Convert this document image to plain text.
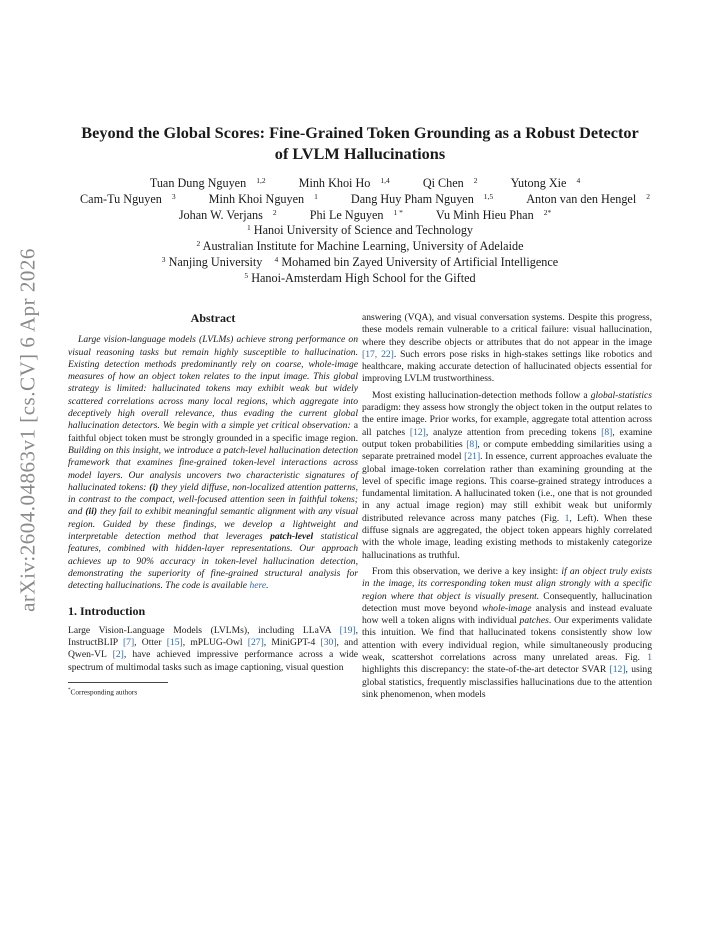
arXiv:2604.04863v1 [cs.CV] 6 Apr 2026
Beyond the Global Scores: Fine-Grained Token Grounding as a Robust Detector
of LVLM Hallucinations
Tuan Dung Nguyen $^{1,2}$	Minh Khoi Ho $^{1,4}$	Qi Chen $^2$	Yutong Xie $^4$
Cam-Tu Nguyen $^3$	Minh Khoi Nguyen $^1$	Dang Huy Pham Nguyen $^{1,5}$	Anton van den Hengel $^2$
Johan W. Verjans $^2$	Phi Le Nguyen $^{1 *}$	Vu Minh Hieu Phan $^{2*}$
$^1$ Hanoi University of Science and Technology
$^2$ Australian Institute for Machine Learning, University of Adelaide
$^3$ Nanjing University $^4$ Mohamed bin Zayed University of Artificial Intelligence
$^5$ Hanoi-Amsterdam High School for the Gifted
Abstract

Large vision-language models (LVLMs) achieve strong performance on visual reasoning tasks but remain highly susceptible to hallucination. Existing detection methods predominantly rely on coarse, whole-image measures of how an object token relates to the input image. This global strategy is limited: hallucinated tokens may exhibit weak but widely scattered correlations across many local regions, which aggregate into deceptively high overall relevance, thus evading the current global hallucination detectors. We begin with a simple yet critical observation: a faithful object token must be strongly grounded in a specific image region. Building on this insight, we introduce a patch-level hallucination detection framework that examines fine-grained token-level interactions across model layers. Our analysis uncovers two characteristic signatures of hallucinated tokens: (i) they yield diffuse, non-localized attention patterns, in contrast to the compact, well-focused attention seen in faithful tokens; and (ii) they fail to exhibit meaningful semantic alignment with any visual region. Guided by these findings, we develop a lightweight and interpretable detection method that leverages patch-level statistical features, combined with hidden-layer representations. Our approach achieves up to 90% accuracy in token-level hallucination detection, demonstrating the superiority of fine-grained structural analysis for detecting hallucinations. The code is available here.

1. Introduction

Large Vision-Language Models (LVLMs), including LLaVA [19], InstructBLIP [7], Otter [15], mPLUG-Owl [27], MiniGPT-4 [30], and Qwen-VL [2], have achieved impressive performance across a wide spectrum of multimodal tasks such as image captioning, visual question

*Corresponding authors

answering (VQA), and visual conversation systems. Despite this progress, these models remain vulnerable to a critical failure: visual hallucination, where they describe objects or attributes that do not appear in the image [17, 22]. Such errors pose risks in high-stakes settings like robotics and healthcare, making accurate detection of hallucinated objects essential for improving LVLM trustworthiness.

Most existing hallucination-detection methods follow a global-statistics paradigm: they assess how strongly the object token in the output relates to the entire image. Prior works, for example, aggregate total attention across all patches [12], analyze attention from preceding tokens [8], examine output token probabilities [8], or compute embedding similarities using a separate pretrained model [21]. In essence, current approaches evaluate the global image-token correlation rather than examining grounding at the level of specific image regions. This coarse-grained strategy introduces a fundamental limitation. A hallucinated token (i.e., one that is not grounded in any actual image region) may still exhibit weak but uniformly distributed relevance across many patches (Fig. 1, Left). When these diffuse signals are aggregated, the object token appears highly correlated with the whole image, leading existing methods to mistakenly categorize hallucinations as truthful.

From this observation, we derive a key insight: if an object truly exists in the image, its corresponding token must align strongly with a specific region where that object is visually present. Consequently, hallucination detection must move beyond whole-image analysis and instead evaluate how well a token aligns with individual patches. Our experiments validate this intuition. We find that hallucinated tokens consistently show low attention with every individual region, while simultaneously producing weak, scattershot correlations across many unrelated areas. Fig. 1 highlights this discrepancy: the state-of-the-art detector SVAR [12], using global statistics, frequently misclassifies hallucinations due to the attention sink phenomenon, when models
